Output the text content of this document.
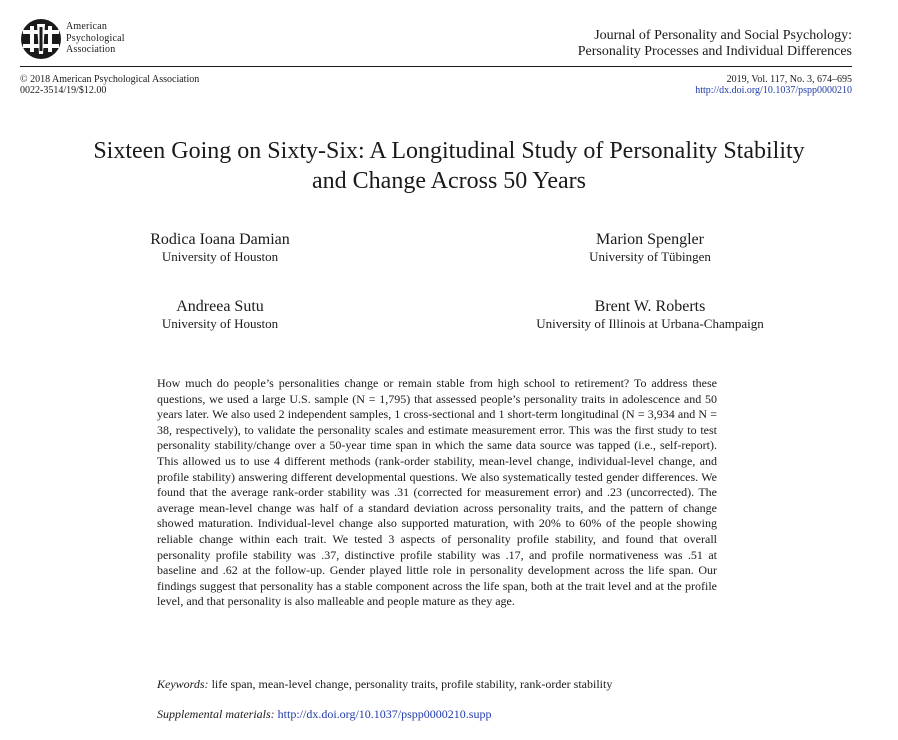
American
Psychological
Association
Journal of Personality and Social Psychology:
Personality Processes and Individual Differences
© 2018 American Psychological Association
0022-3514/19/$12.00
2019, Vol. 117, No. 3, 674–695
http://dx.doi.org/10.1037/pspp0000210
Sixteen Going on Sixty-Six: A Longitudinal Study of Personality Stability
and Change Across 50 Years
Rodica Ioana Damian
University of Houston
Marion Spengler
University of Tübingen
Andreea Sutu
University of Houston
Brent W. Roberts
University of Illinois at Urbana-Champaign

How much do people’s personalities change or remain stable from high school to retirement? To address these questions, we used a large U.S. sample (N = 1,795) that assessed people’s personality traits in adolescence and 50 years later. We also used 2 independent samples, 1 cross-sectional and 1 short-term longitudinal (N = 3,934 and N = 38, respectively), to validate the personality scales and estimate measurement error. This was the first study to test personality stability/change over a 50-year time span in which the same data source was tapped (i.e., self-report). This allowed us to use 4 different methods (rank-order stability, mean-level change, individual-level change, and profile stability) answering different developmental questions. We also systematically tested gender differences. We found that the average rank-order stability was .31 (corrected for measurement error) and .23 (uncorrected). The average mean-level change was half of a standard deviation across personality traits, and the pattern of change showed maturation. Individual-level change also supported maturation, with 20% to 60% of the people showing reliable change within each trait. We tested 3 aspects of personality profile stability, and found that overall personality profile stability was .37, distinctive profile stability was .17, and profile normativeness was .51 at baseline and .62 at the follow-up. Gender played little role in personality development across the life span. Our findings suggest that personality has a stable component across the life span, both at the trait level and at the profile level, and that personality is also malleable and people mature as they age.

Keywords: life span, mean-level change, personality traits, profile stability, rank-order stability
Supplemental materials: http://dx.doi.org/10.1037/pspp0000210.supp
